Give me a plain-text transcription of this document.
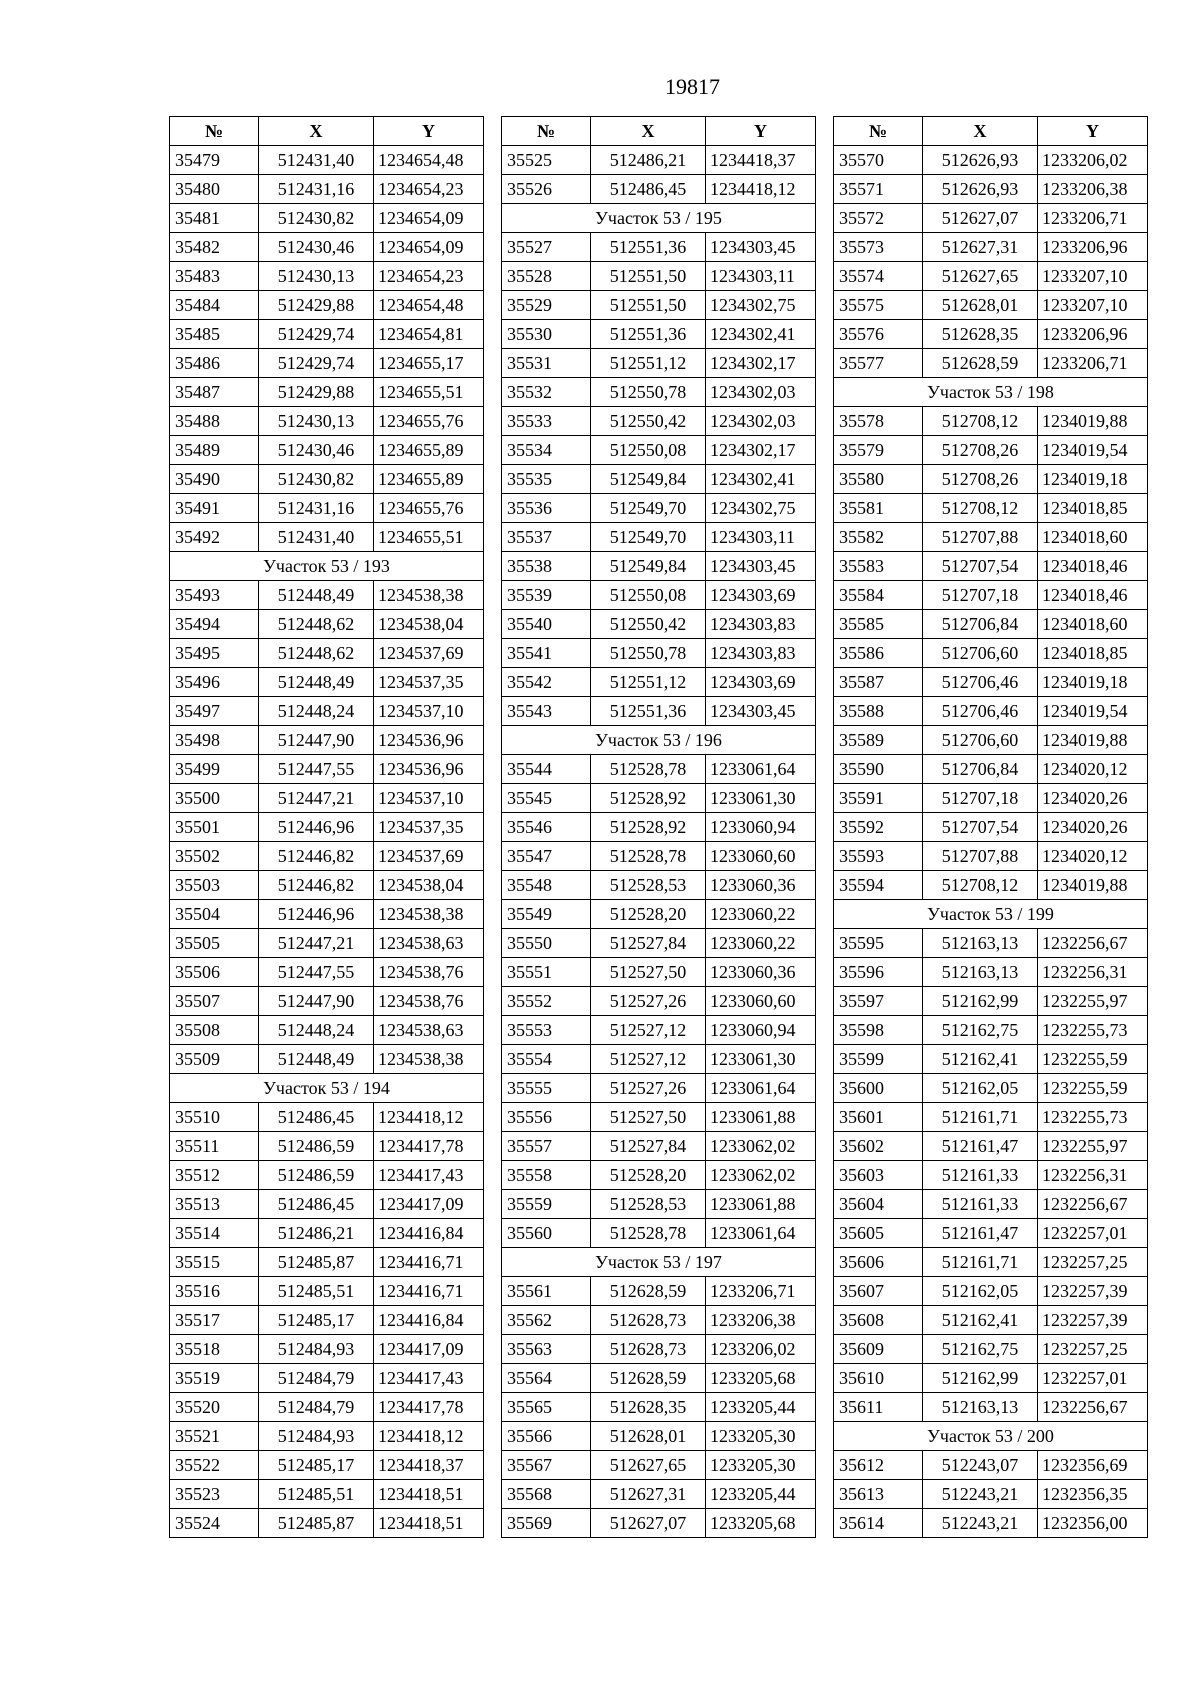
19817
№	X	Y
35479	512431,40	1234654,48
35480	512431,16	1234654,23
35481	512430,82	1234654,09
35482	512430,46	1234654,09
35483	512430,13	1234654,23
35484	512429,88	1234654,48
35485	512429,74	1234654,81
35486	512429,74	1234655,17
35487	512429,88	1234655,51
35488	512430,13	1234655,76
35489	512430,46	1234655,89
35490	512430,82	1234655,89
35491	512431,16	1234655,76
35492	512431,40	1234655,51
Участок 53 / 193		
35493	512448,49	1234538,38
35494	512448,62	1234538,04
35495	512448,62	1234537,69
35496	512448,49	1234537,35
35497	512448,24	1234537,10
35498	512447,90	1234536,96
35499	512447,55	1234536,96
35500	512447,21	1234537,10
35501	512446,96	1234537,35
35502	512446,82	1234537,69
35503	512446,82	1234538,04
35504	512446,96	1234538,38
35505	512447,21	1234538,63
35506	512447,55	1234538,76
35507	512447,90	1234538,76
35508	512448,24	1234538,63
35509	512448,49	1234538,38
Участок 53 / 194		
35510	512486,45	1234418,12
35511	512486,59	1234417,78
35512	512486,59	1234417,43
35513	512486,45	1234417,09
35514	512486,21	1234416,84
35515	512485,87	1234416,71
35516	512485,51	1234416,71
35517	512485,17	1234416,84
35518	512484,93	1234417,09
35519	512484,79	1234417,43
35520	512484,79	1234417,78
35521	512484,93	1234418,12
35522	512485,17	1234418,37
35523	512485,51	1234418,51
35524	512485,87	1234418,51
№	X	Y
35525	512486,21	1234418,37
35526	512486,45	1234418,12
Участок 53 / 195		
35527	512551,36	1234303,45
35528	512551,50	1234303,11
35529	512551,50	1234302,75
35530	512551,36	1234302,41
35531	512551,12	1234302,17
35532	512550,78	1234302,03
35533	512550,42	1234302,03
35534	512550,08	1234302,17
35535	512549,84	1234302,41
35536	512549,70	1234302,75
35537	512549,70	1234303,11
35538	512549,84	1234303,45
35539	512550,08	1234303,69
35540	512550,42	1234303,83
35541	512550,78	1234303,83
35542	512551,12	1234303,69
35543	512551,36	1234303,45
Участок 53 / 196		
35544	512528,78	1233061,64
35545	512528,92	1233061,30
35546	512528,92	1233060,94
35547	512528,78	1233060,60
35548	512528,53	1233060,36
35549	512528,20	1233060,22
35550	512527,84	1233060,22
35551	512527,50	1233060,36
35552	512527,26	1233060,60
35553	512527,12	1233060,94
35554	512527,12	1233061,30
35555	512527,26	1233061,64
35556	512527,50	1233061,88
35557	512527,84	1233062,02
35558	512528,20	1233062,02
35559	512528,53	1233061,88
35560	512528,78	1233061,64
Участок 53 / 197		
35561	512628,59	1233206,71
35562	512628,73	1233206,38
35563	512628,73	1233206,02
35564	512628,59	1233205,68
35565	512628,35	1233205,44
35566	512628,01	1233205,30
35567	512627,65	1233205,30
35568	512627,31	1233205,44
35569	512627,07	1233205,68
№	X	Y
35570	512626,93	1233206,02
35571	512626,93	1233206,38
35572	512627,07	1233206,71
35573	512627,31	1233206,96
35574	512627,65	1233207,10
35575	512628,01	1233207,10
35576	512628,35	1233206,96
35577	512628,59	1233206,71
Участок 53 / 198		
35578	512708,12	1234019,88
35579	512708,26	1234019,54
35580	512708,26	1234019,18
35581	512708,12	1234018,85
35582	512707,88	1234018,60
35583	512707,54	1234018,46
35584	512707,18	1234018,46
35585	512706,84	1234018,60
35586	512706,60	1234018,85
35587	512706,46	1234019,18
35588	512706,46	1234019,54
35589	512706,60	1234019,88
35590	512706,84	1234020,12
35591	512707,18	1234020,26
35592	512707,54	1234020,26
35593	512707,88	1234020,12
35594	512708,12	1234019,88
Участок 53 / 199		
35595	512163,13	1232256,67
35596	512163,13	1232256,31
35597	512162,99	1232255,97
35598	512162,75	1232255,73
35599	512162,41	1232255,59
35600	512162,05	1232255,59
35601	512161,71	1232255,73
35602	512161,47	1232255,97
35603	512161,33	1232256,31
35604	512161,33	1232256,67
35605	512161,47	1232257,01
35606	512161,71	1232257,25
35607	512162,05	1232257,39
35608	512162,41	1232257,39
35609	512162,75	1232257,25
35610	512162,99	1232257,01
35611	512163,13	1232256,67
Участок 53 / 200		
35612	512243,07	1232356,69
35613	512243,21	1232356,35
35614	512243,21	1232356,00
